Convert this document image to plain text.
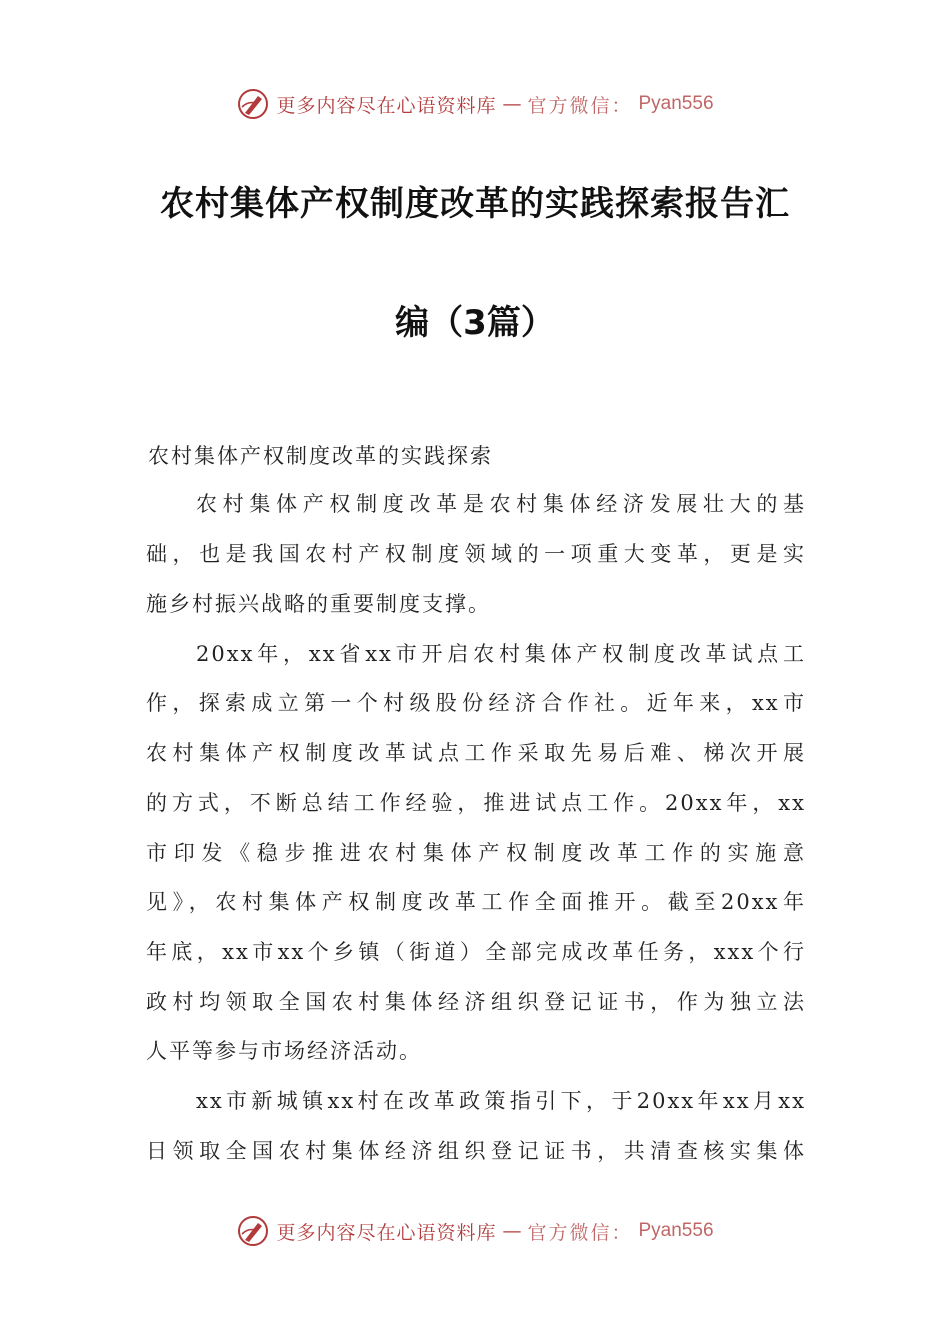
更多内容尽在心语资料库 — 官方微信： Pyan556
农村集体产权制度改革的实践探索报告汇
编（3篇）
农村集体产权制度改革的实践探索
农村集体产权制度改革是农村集体经济发展壮大的基
础，也是我国农村产权制度领域的一项重大变革，更是实
施乡村振兴战略的重要制度支撑。
20xx年，xx省xx市开启农村集体产权制度改革试点工
作，探索成立第一个村级股份经济合作社。近年来，xx市
农村集体产权制度改革试点工作采取先易后难、梯次开展
的方式，不断总结工作经验，推进试点工作。20xx年，xx
市印发《稳步推进农村集体产权制度改革工作的实施意
见》，农村集体产权制度改革工作全面推开。截至20xx年
年底，xx市xx个乡镇（街道）全部完成改革任务，xxx个行
政村均领取全国农村集体经济组织登记证书，作为独立法
人平等参与市场经济活动。
xx市新城镇xx村在改革政策指引下，于20xx年xx月xx
日领取全国农村集体经济组织登记证书，共清查核实集体
更多内容尽在心语资料库 — 官方微信： Pyan556
